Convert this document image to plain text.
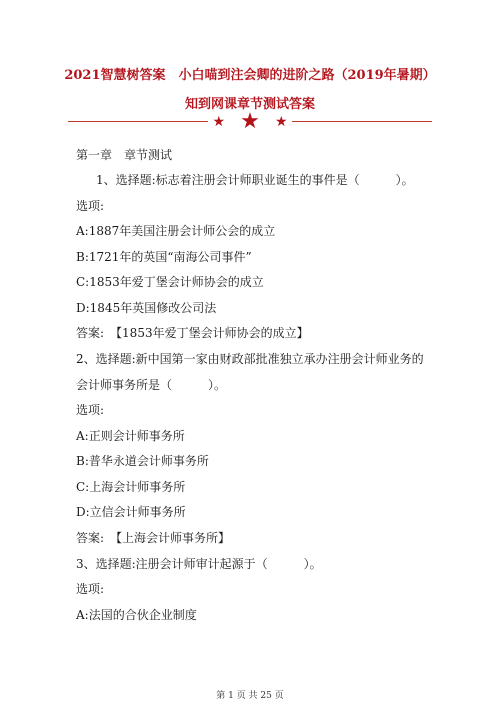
2021智慧树答案　小白喵到注会卿的进阶之路（2019年暑期）
知到网课章节测试答案
★ ★ ★
第一章　章节测试
1、选择题:标志着注册会计师职业诞生的事件是（　　　）。
选项:
A:1887年美国注册会计师公会的成立
B:1721年的英国“南海公司事件”
C:1853年爱丁堡会计师协会的成立
D:1845年英国修改公司法
答案:　【1853年爱丁堡会计师协会的成立】
2、选择题:新中国第一家由财政部批准独立承办注册会计师业务的
会计师事务所是（　　　）。
选项:
A:正则会计师事务所
B:普华永道会计师事务所
C:上海会计师事务所
D:立信会计师事务所
答案:　【上海会计师事务所】
3、选择题:注册会计师审计起源于（　　　）。
选项:
A:法国的合伙企业制度
第 1 页 共 25 页
